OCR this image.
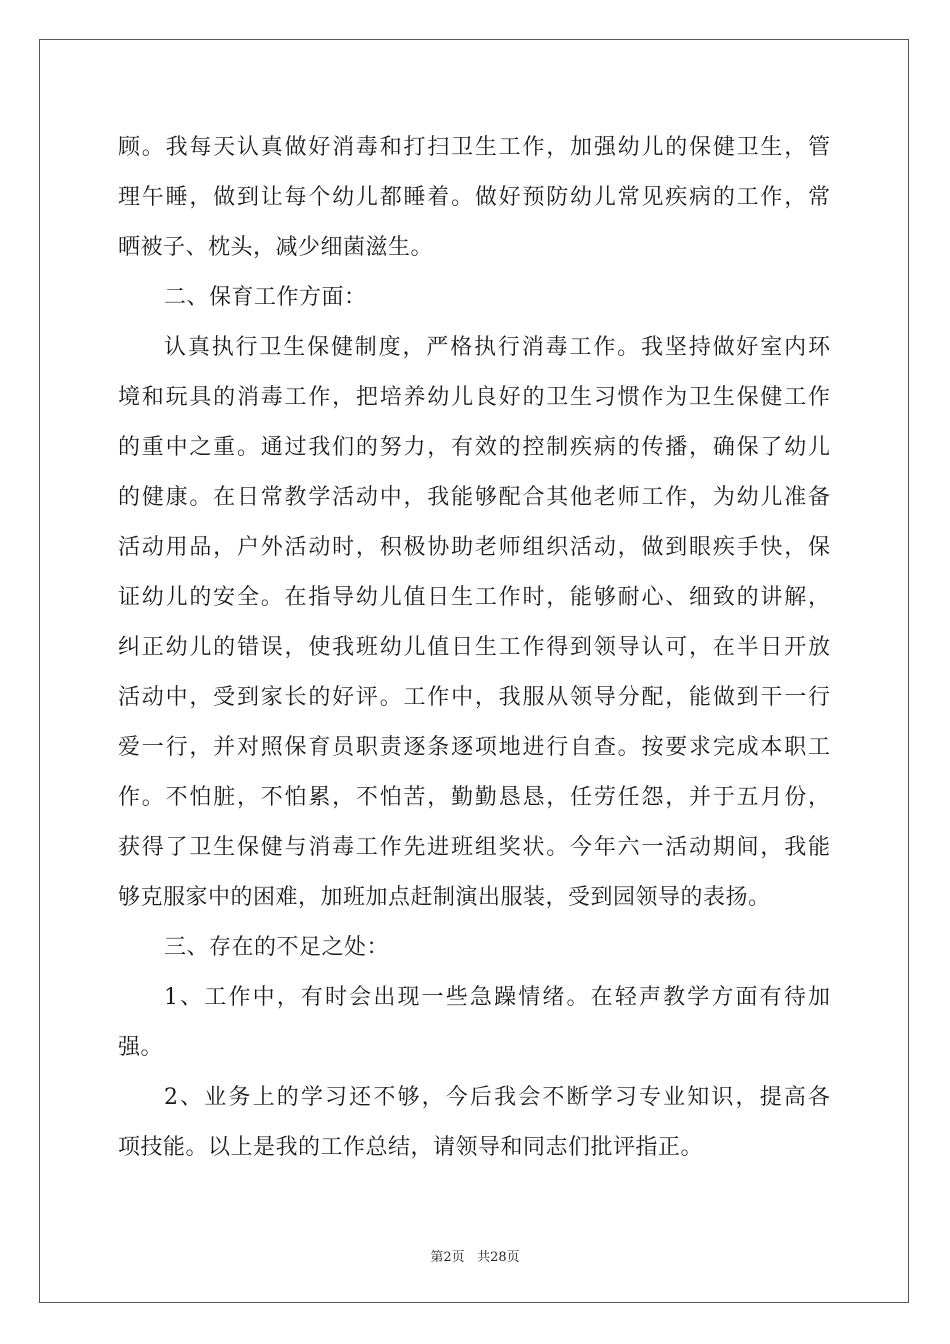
顾。我每天认真做好消毒和打扫卫生工作，加强幼儿的保健卫生，管
理午睡，做到让每个幼儿都睡着。做好预防幼儿常见疾病的工作，常
晒被子、枕头，减少细菌滋生。
二、保育工作方面：
认真执行卫生保健制度，严格执行消毒工作。我坚持做好室内环
境和玩具的消毒工作，把培养幼儿良好的卫生习惯作为卫生保健工作
的重中之重。通过我们的努力，有效的控制疾病的传播，确保了幼儿
的健康。在日常教学活动中，我能够配合其他老师工作，为幼儿准备
活动用品，户外活动时，积极协助老师组织活动，做到眼疾手快，保
证幼儿的安全。在指导幼儿值日生工作时，能够耐心、细致的讲解，
纠正幼儿的错误，使我班幼儿值日生工作得到领导认可，在半日开放
活动中，受到家长的好评。工作中，我服从领导分配，能做到干一行
爱一行，并对照保育员职责逐条逐项地进行自查。按要求完成本职工
作。不怕脏，不怕累，不怕苦，勤勤恳恳，任劳任怨，并于五月份，
获得了卫生保健与消毒工作先进班组奖状。今年六一活动期间，我能
够克服家中的困难，加班加点赶制演出服装，受到园领导的表扬。
三、存在的不足之处：
1、工作中，有时会出现一些急躁情绪。在轻声教学方面有待加
强。
2、业务上的学习还不够，今后我会不断学习专业知识，提高各
项技能。以上是我的工作总结，请领导和同志们批评指正。
第2页 共28页
